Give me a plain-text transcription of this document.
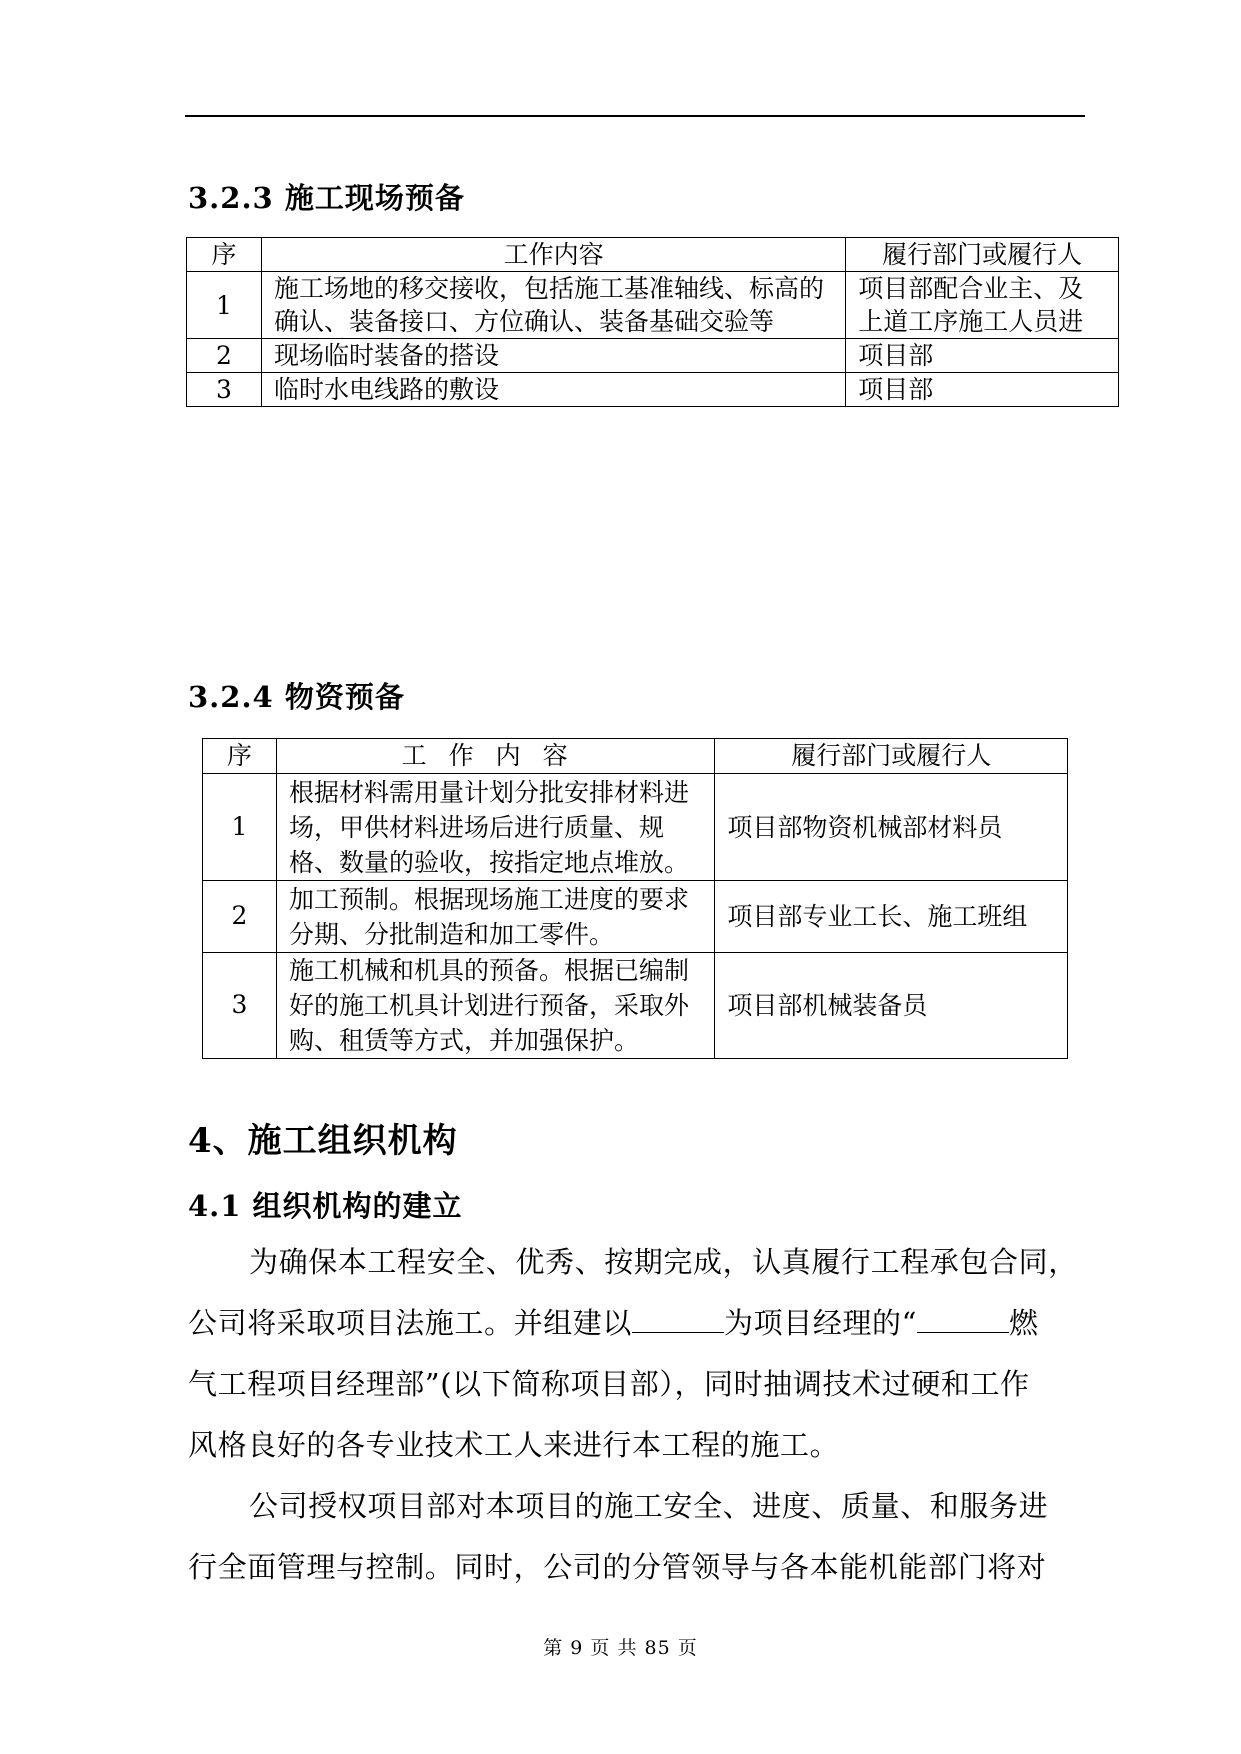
3.2.3 施工现场预备
序	工作内容	履行部门或履行人
1	施工场地的移交接收，包括施工基准轴线、标高的确认、装备接口、方位确认、装备基础交验等	项目部配合业主、及上道工序施工人员进
2	现场临时装备的搭设	项目部
3	临时水电线路的敷设	项目部
3.2.4 物资预备
序	工作内容	履行部门或履行人
1	根据材料需用量计划分批安排材料进场，甲供材料进场后进行质量、规格、数量的验收，按指定地点堆放。	项目部物资机械部材料员
2	加工预制。根据现场施工进度的要求分期、分批制造和加工零件。	项目部专业工长、施工班组
3	施工机械和机具的预备。根据已编制好的施工机具计划进行预备，采取外购、租赁等方式，并加强保护。	项目部机械装备员
4、施工组织机构
4.1 组织机构的建立
为确保本工程安全、优秀、按期完成，认真履行工程承包合同，
公司将采取项目法施工。并组建以	为项目经理的“	燃
气工程项目经理部”(以下简称项目部），同时抽调技术过硬和工作
风格良好的各专业技术工人来进行本工程的施工。
公司授权项目部对本项目的施工安全、进度、质量、和服务进
行全面管理与控制。同时，公司的分管领导与各本能机能部门将对
第 9 页 共 85 页
